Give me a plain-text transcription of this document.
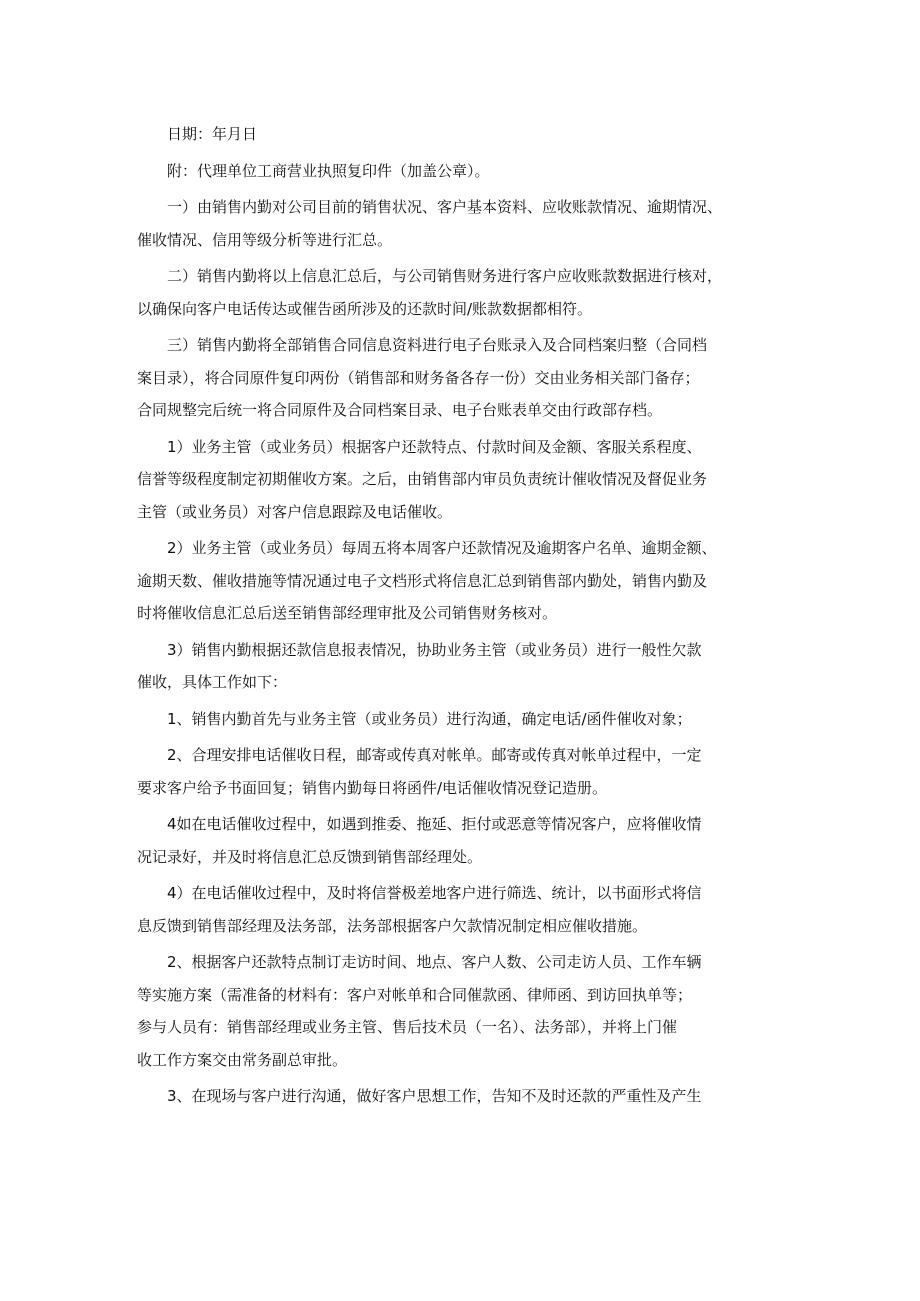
日期：年月日
附：代理单位工商营业执照复印件（加盖公章）。
一）由销售内勤对公司目前的销售状况、客户基本资料、应收账款情况、逾期情况、
催收情况、信用等级分析等进行汇总。
二）销售内勤将以上信息汇总后，与公司销售财务进行客户应收账款数据进行核对，
以确保向客户电话传达或催告函所涉及的还款时间/账款数据都相符。
三）销售内勤将全部销售合同信息资料进行电子台账录入及合同档案归整（合同档
案目录），将合同原件复印两份（销售部和财务备各存一份）交由业务相关部门备存；
合同规整完后统一将合同原件及合同档案目录、电子台账表单交由行政部存档。
1）业务主管（或业务员）根据客户还款特点、付款时间及金额、客服关系程度、
信誉等级程度制定初期催收方案。之后，由销售部内审员负责统计催收情况及督促业务
主管（或业务员）对客户信息跟踪及电话催收。
2）业务主管（或业务员）每周五将本周客户还款情况及逾期客户名单、逾期金额、
逾期天数、催收措施等情况通过电子文档形式将信息汇总到销售部内勤处，销售内勤及
时将催收信息汇总后送至销售部经理审批及公司销售财务核对。
3）销售内勤根据还款信息报表情况，协助业务主管（或业务员）进行一般性欠款
催收，具体工作如下：
1、销售内勤首先与业务主管（或业务员）进行沟通，确定电话/函件催收对象；
2、合理安排电话催收日程，邮寄或传真对帐单。邮寄或传真对帐单过程中，一定
要求客户给予书面回复；销售内勤每日将函件/电话催收情况登记造册。
4如在电话催收过程中，如遇到推委、拖延、拒付或恶意等情况客户，应将催收情
况记录好，并及时将信息汇总反馈到销售部经理处。
4）在电话催收过程中，及时将信誉极差地客户进行筛选、统计，以书面形式将信
息反馈到销售部经理及法务部，法务部根据客户欠款情况制定相应催收措施。
2、根据客户还款特点制订走访时间、地点、客户人数、公司走访人员、工作车辆
等实施方案（需准备的材料有：客户对帐单和合同催款函、律师函、到访回执单等；
参与人员有：销售部经理或业务主管、售后技术员（一名）、法务部），并将上门催
收工作方案交由常务副总审批。
3、在现场与客户进行沟通，做好客户思想工作，告知不及时还款的严重性及产生
